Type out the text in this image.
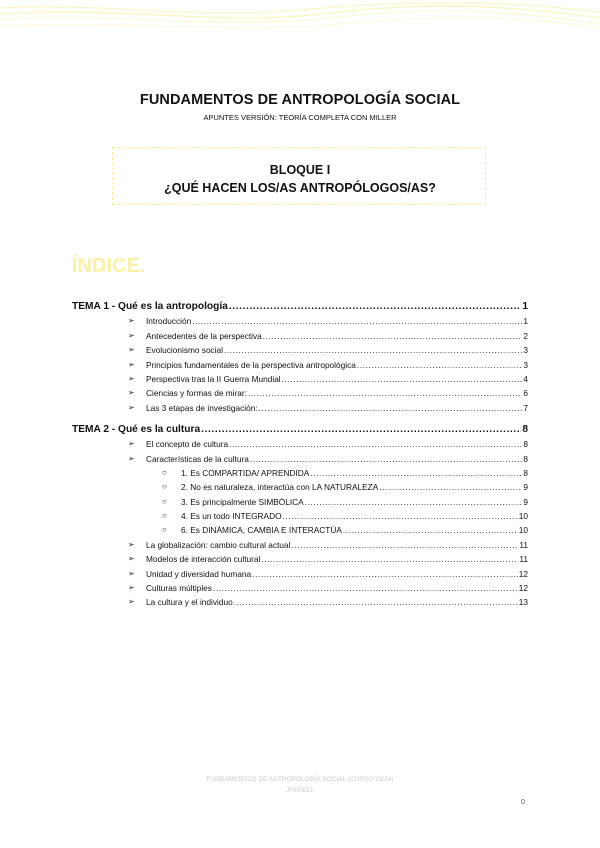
FUNDAMENTOS DE ANTROPOLOGÍA SOCIAL
APUNTES VERSIÓN: TEORÍA COMPLETA CON MILLER
BLOQUE I
¿QUÉ HACEN LOS/AS ANTROPÓLOGOS/AS?
ÍNDICE.
TEMA 1 - Qué es la antropología .....	1
➢ Introducción .....	1
➢ Antecedentes de la perspectiva .....	2
➢ Evolucionismo social .....	3
➢ Principios fundamentales de la perspectiva antropológica .....	3
➢ Perspectiva tras la II Guerra Mundial .....	4
➢ Ciencias y formas de mirar: .....	6
➢ Las 3 etapas de investigación: .....	7
TEMA 2 - Qué es la cultura .....	8
➢ El concepto de cultura .....	8
➢ Características de la cultura .....	8
○ 1. Es COMPARTIDA/ APRENDIDA .....	8
○ 2. No es naturaleza, interactúa con LA NATURALEZA .....	9
○ 3. Es principalmente SIMBÓLICA .....	9
○ 4. Es un todo INTEGRADO .....	10
○ 6. Es DINÁMICA, CAMBIA E INTERACTÚA .....	10
➢ La globalización: cambio cultural actual .....	11
➢ Modelos de interacción cultural .....	11
➢ Unidad y diversidad humana .....	12
➢ Culturas múltiples .....	12
➢ La cultura y el individuo .....	13
FUNDAMENTOS DE ANTROPOLOGÍA SOCIAL (CURSO 23/24)
JFERELL
0
